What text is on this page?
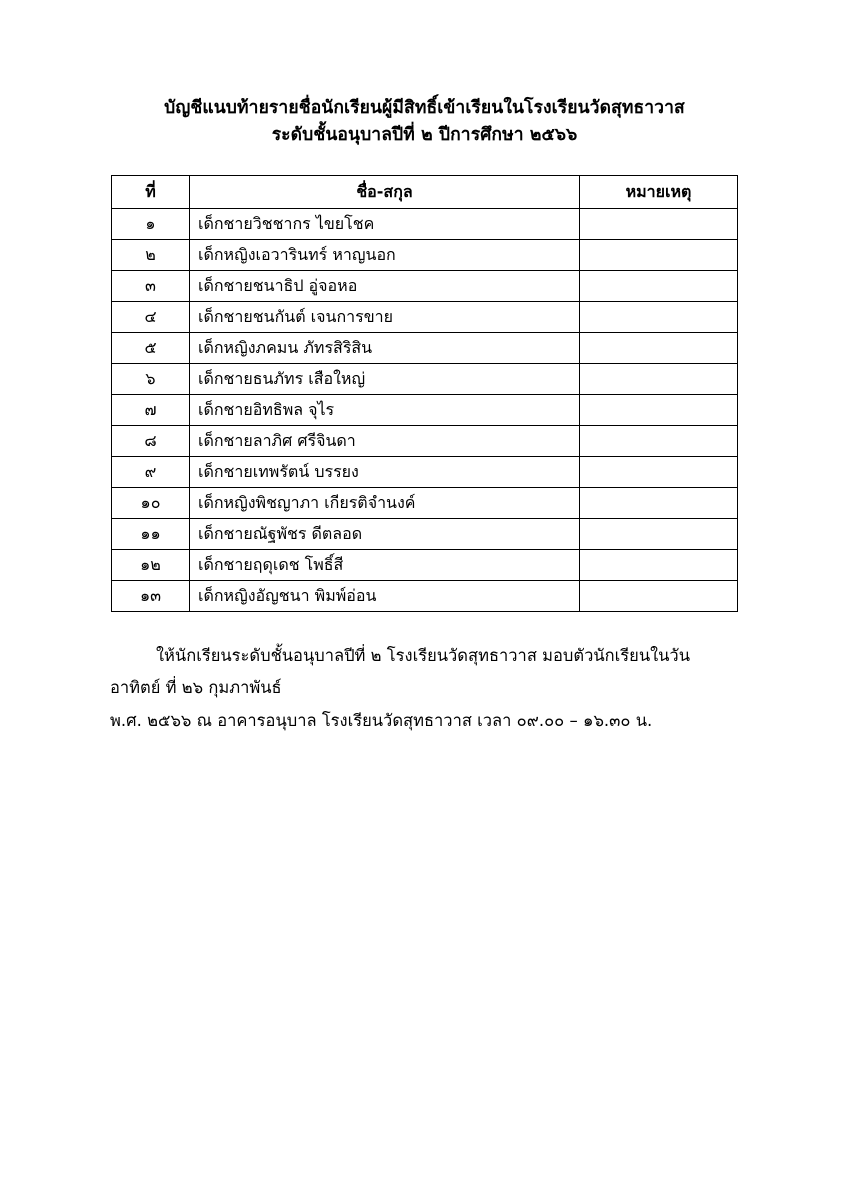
บัญชีแนบท้ายรายชื่อนักเรียนผู้มีสิทธิ์เข้าเรียนในโรงเรียนวัดสุทธาวาส
ระดับชั้นอนุบาลปีที่ ๒ ปีการศึกษา ๒๕๖๖
ที่	ชื่อ-สกุล	หมายเหตุ
๑	เด็กชายวิชชากร ไขยโชค	
๒	เด็กหญิงเอวารินทร์ หาญนอก	
๓	เด็กชายชนาธิป อู่จอหอ	
๔	เด็กชายชนกันต์ เจนการขาย	
๕	เด็กหญิงภคมน ภัทรสิริสิน	
๖	เด็กชายธนภัทร เสือใหญ่	
๗	เด็กชายอิทธิพล จุไร	
๘	เด็กชายลาภิศ ศรีจินดา	
๙	เด็กชายเทพรัตน์ บรรยง	
๑๐	เด็กหญิงพิชญาภา เกียรติจำนงค์	
๑๑	เด็กชายณัฐพัชร ดีตลอด	
๑๒	เด็กชายฤดุเดช โพธิ์สี	
๑๓	เด็กหญิงอัญชนา พิมพ์อ่อน	

ให้นักเรียนระดับชั้นอนุบาลปีที่ ๒ โรงเรียนวัดสุทธาวาส มอบตัวนักเรียนในวันอาทิตย์ ที่ ๒๖ กุมภาพันธ์

พ.ศ. ๒๕๖๖ ณ อาคารอนุบาล โรงเรียนวัดสุทธาวาส เวลา ๐๙.๐๐ – ๑๖.๓๐ น.
